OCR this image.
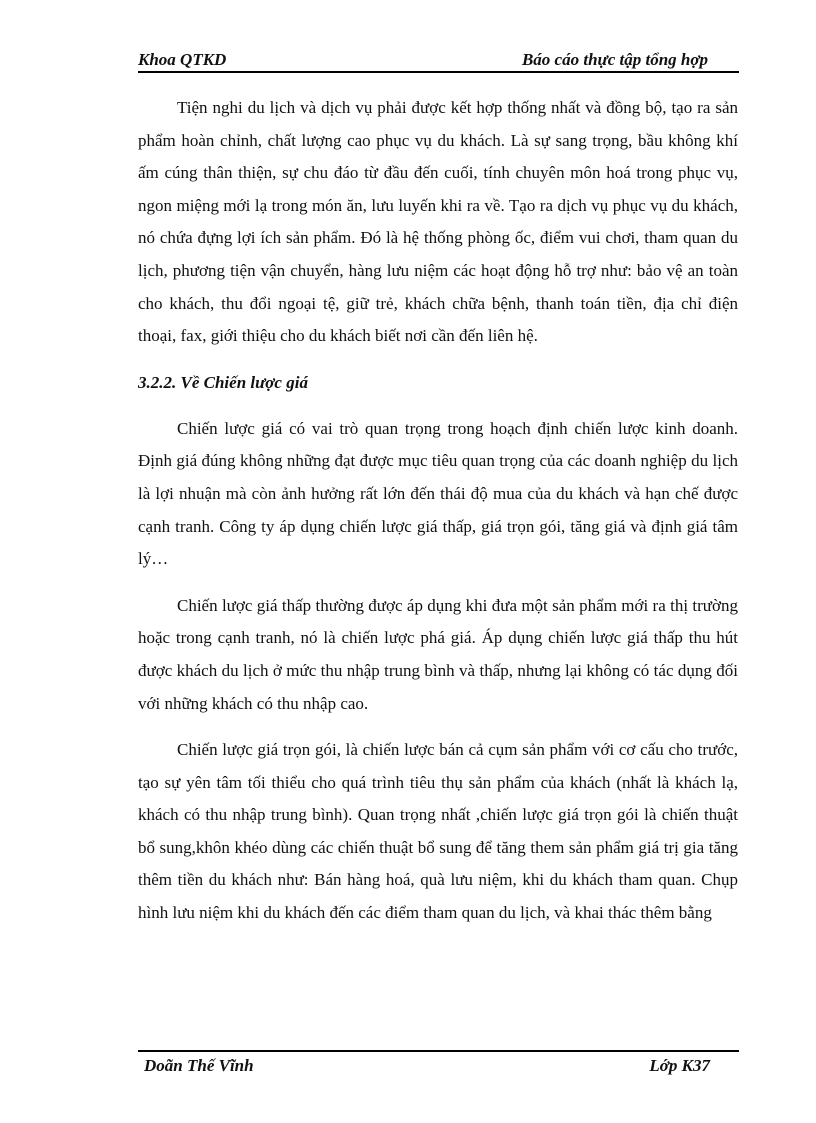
Khoa QTKD	Báo cáo thực tập tổng hợp

Tiện nghi du lịch và dịch vụ phải được kết hợp thống nhất và đồng bộ, tạo ra sản phẩm hoàn chỉnh, chất lượng cao phục vụ du khách. Là sự sang trọng, bầu không khí ấm cúng thân thiện, sự chu đáo từ đầu đến cuối, tính chuyên môn hoá trong phục vụ, ngon miệng mới lạ trong món ăn, lưu luyến khi ra về. Tạo ra dịch vụ phục vụ du khách, nó chứa đựng lợi ích sản phẩm. Đó là hệ thống phòng ốc, điểm vui chơi, tham quan du lịch, phương tiện vận chuyển, hàng lưu niệm các hoạt động hỗ trợ như: bảo vệ an toàn cho khách, thu đổi ngoại tệ, giữ trẻ, khách chữa bệnh, thanh toán tiền, địa chỉ điện thoại, fax, giới thiệu cho du khách biết nơi cần đến liên hệ.

3.2.2. Về Chiến lược giá

Chiến lược giá có vai trò quan trọng trong hoạch định chiến lược kinh doanh. Định giá đúng không những đạt được mục tiêu quan trọng của các doanh nghiệp du lịch là lợi nhuận mà còn ảnh hưởng rất lớn đến thái độ mua của du khách và hạn chế được cạnh tranh. Công ty áp dụng chiến lược giá thấp, giá trọn gói, tăng giá và định giá tâm lý…

Chiến lược giá thấp thường được áp dụng khi đưa một sản phẩm mới ra thị trường hoặc trong cạnh tranh, nó là chiến lược phá giá. Áp dụng chiến lược giá thấp thu hút được khách du lịch ở mức thu nhập trung bình và thấp, nhưng lại không có tác dụng đối với những khách có thu nhập cao.

Chiến lược giá trọn gói, là chiến lược bán cả cụm sản phẩm với cơ cấu cho trước, tạo sự yên tâm tối thiểu cho quá trình tiêu thụ sản phẩm của khách (nhất là khách lạ, khách có thu nhập trung bình). Quan trọng nhất ,chiến lược giá trọn gói là chiến thuật bổ sung,khôn khéo dùng các chiến thuật bổ sung để tăng them sản phẩm giá trị gia tăng thêm tiền du khách như: Bán hàng hoá, quà lưu niệm, khi du khách tham quan. Chụp hình lưu niệm khi du khách đến các điểm tham quan du lịch, và khai thác thêm bằng

Doãn Thế Vĩnh	Lớp K37
